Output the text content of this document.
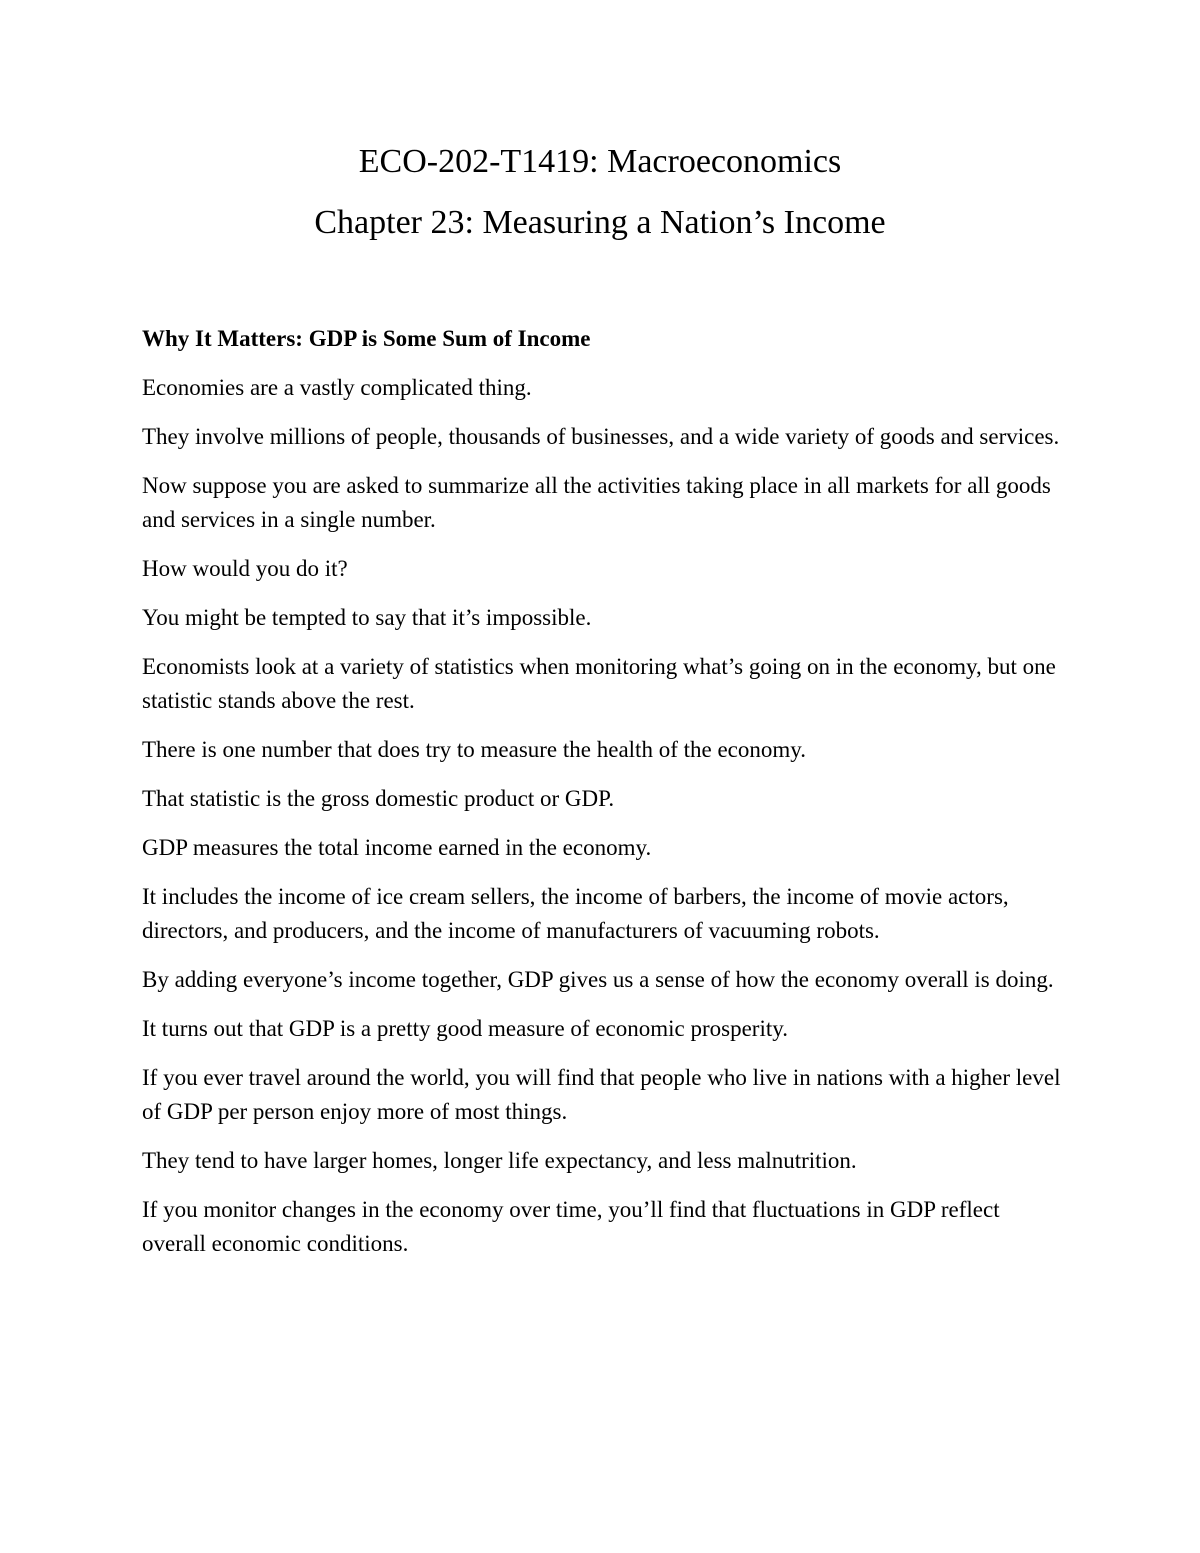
ECO-202-T1419: Macroeconomics
Chapter 23: Measuring a Nation’s Income

Why It Matters: GDP is Some Sum of Income

Economies are a vastly complicated thing.

They involve millions of people, thousands of businesses, and a wide variety of goods and services.

Now suppose you are asked to summarize all the activities taking place in all markets for all goods and services in a single number.

How would you do it?

You might be tempted to say that it’s impossible.

Economists look at a variety of statistics when monitoring what’s going on in the economy, but one statistic stands above the rest.

There is one number that does try to measure the health of the economy.

That statistic is the gross domestic product or GDP.

GDP measures the total income earned in the economy.

It includes the income of ice cream sellers, the income of barbers, the income of movie actors, directors, and producers, and the income of manufacturers of vacuuming robots.

By adding everyone’s income together, GDP gives us a sense of how the economy overall is doing.

It turns out that GDP is a pretty good measure of economic prosperity.

If you ever travel around the world, you will find that people who live in nations with a higher level of GDP per person enjoy more of most things.

They tend to have larger homes, longer life expectancy, and less malnutrition.

If you monitor changes in the economy over time, you’ll find that fluctuations in GDP reflect overall economic conditions.
